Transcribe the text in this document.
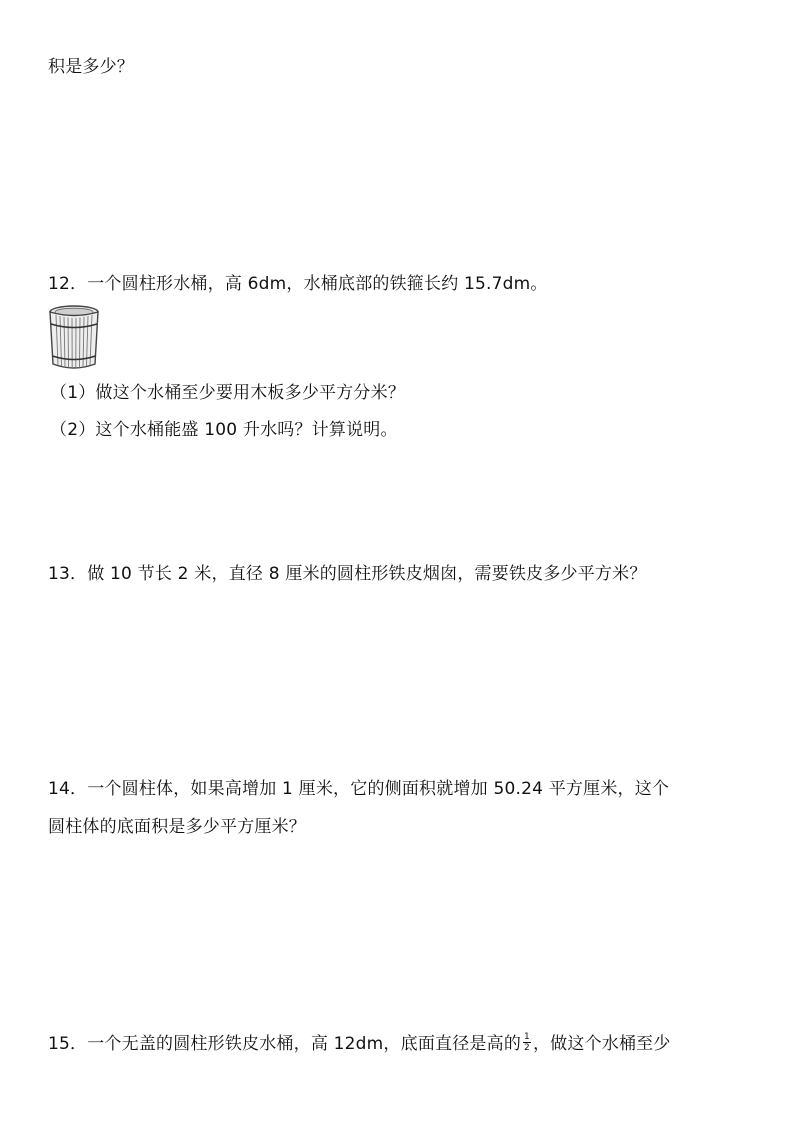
积是多少？
12．一个圆柱形水桶，高 6dm，水桶底部的铁箍长约 15.7dm。
（1）做这个水桶至少要用木板多少平方分米？
（2）这个水桶能盛 100 升水吗？计算说明。
13．做 10 节长 2 米，直径 8 厘米的圆柱形铁皮烟囱，需要铁皮多少平方米？
14．一个圆柱体，如果高增加 1 厘米，它的侧面积就增加 50.24 平方厘米，这个
圆柱体的底面积是多少平方厘米？
15．一个无盖的圆柱形铁皮水桶，高 12dm，底面直径是高的 $\frac{1}{2}$ ，做这个水桶至少
